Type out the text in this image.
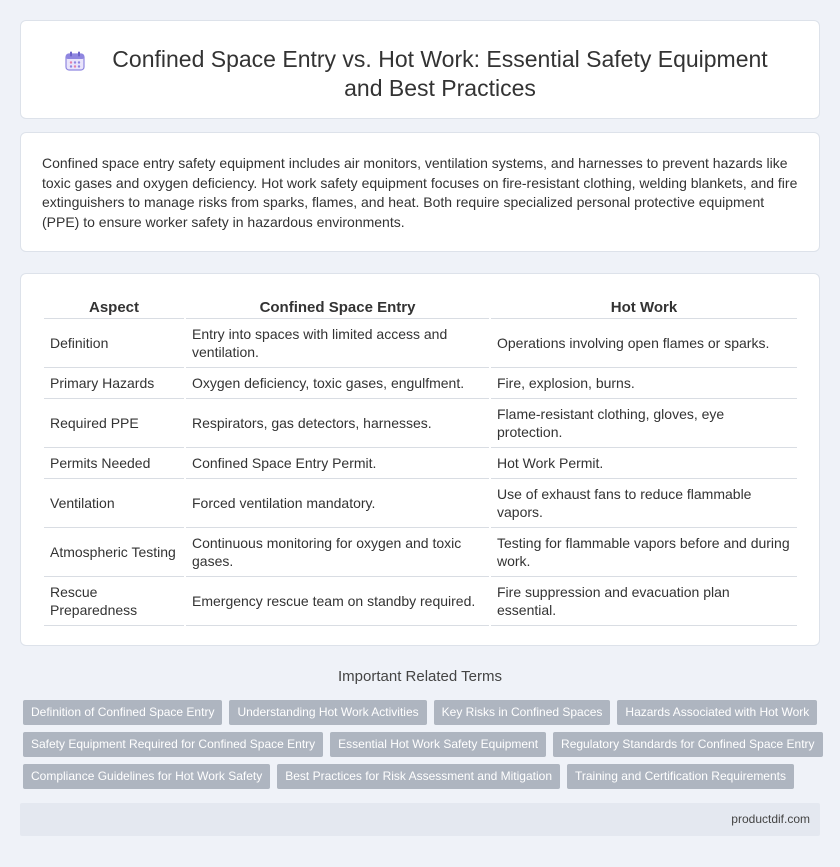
Confined Space Entry vs. Hot Work: Essential Safety Equipment and Best Practices

Confined space entry safety equipment includes air monitors, ventilation systems, and harnesses to prevent hazards like toxic gases and oxygen deficiency. Hot work safety equipment focuses on fire-resistant clothing, welding blankets, and fire extinguishers to manage risks from sparks, flames, and heat. Both require specialized personal protective equipment (PPE) to ensure worker safety in hazardous environments.

Aspect	Confined Space Entry	Hot Work
Definition	Entry into spaces with limited access and ventilation.	Operations involving open flames or sparks.
Primary Hazards	Oxygen deficiency, toxic gases, engulfment.	Fire, explosion, burns.
Required PPE	Respirators, gas detectors, harnesses.	Flame-resistant clothing, gloves, eye protection.
Permits Needed	Confined Space Entry Permit.	Hot Work Permit.
Ventilation	Forced ventilation mandatory.	Use of exhaust fans to reduce flammable vapors.
Atmospheric Testing	Continuous monitoring for oxygen and toxic gases.	Testing for flammable vapors before and during work.
Rescue Preparedness	Emergency rescue team on standby required.	Fire suppression and evacuation plan essential.
Important Related Terms
Definition of Confined Space Entry	Understanding Hot Work Activities	Key Risks in Confined Spaces	Hazards Associated with Hot Work
Safety Equipment Required for Confined Space Entry	Essential Hot Work Safety Equipment	Regulatory Standards for Confined Space Entry
Compliance Guidelines for Hot Work Safety	Best Practices for Risk Assessment and Mitigation	Training and Certification Requirements
productdif.com
